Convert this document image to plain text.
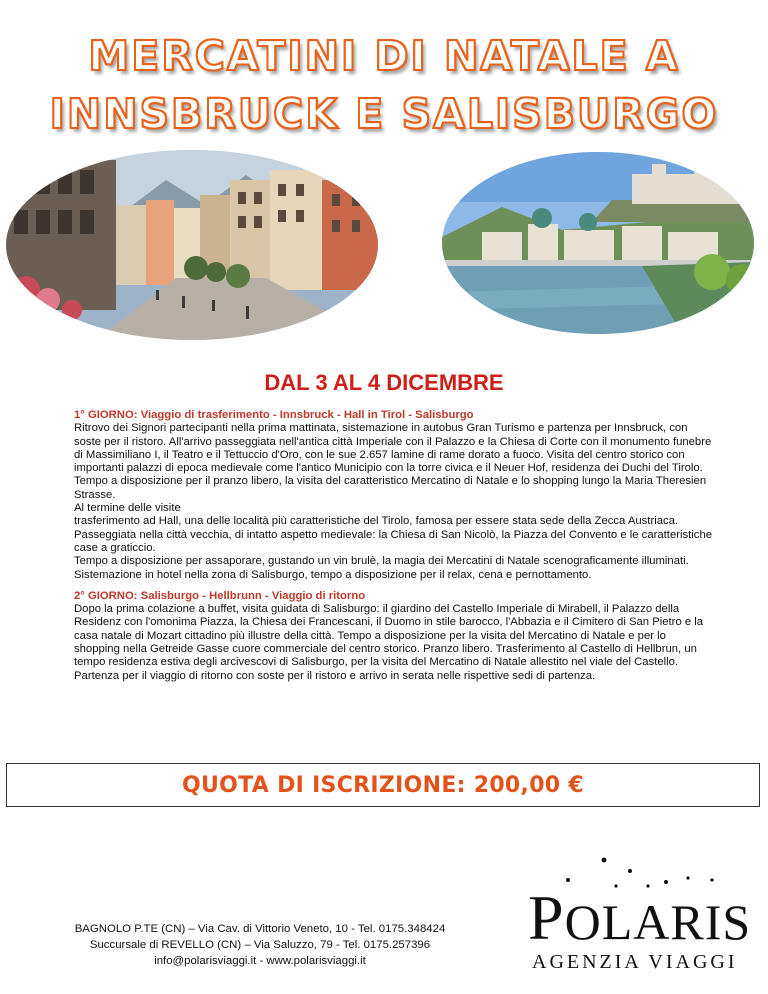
MERCATINI DI NATALE A
INNSBRUCK E SALISBURGO
DAL 3 AL 4 DICEMBRE

1° GIORNO: Viaggio di trasferimento - Innsbruck - Hall in Tirol - Salisburgo

Ritrovo dei Signori partecipanti nella prima mattinata, sistemazione in autobus Gran Turismo e partenza per Innsbruck, con soste per il ristoro. All'arrivo passeggiata nell'antica città Imperiale con il Palazzo e la Chiesa di Corte con il monumento funebre di Massimiliano I, il Teatro e il Tettuccio d'Oro, con le sue 2.657 lamine di rame dorato a fuoco. Visita del centro storico con importanti palazzi di epoca medievale come l'antico Municipio con la torre civica e il Neuer Hof, residenza dei Duchi del Tirolo. Tempo a disposizione per il pranzo libero, la visita del caratteristico Mercatino di Natale e lo shopping lungo la Maria Theresien Strasse.

Al termine delle visite

trasferimento ad Hall, una delle località più caratteristiche del Tirolo, famosa per essere stata sede della Zecca Austriaca. Passeggiata nella città vecchia, di intatto aspetto medievale: la Chiesa di San Nicolò, la Piazza del Convento e le caratteristiche case a graticcio.

Tempo a disposizione per assaporare, gustando un vin brulè, la magia dei Mercatini di Natale scenograficamente illuminati. Sistemazione in hotel nella zona di Salisburgo, tempo a disposizione per il relax, cena e pernottamento.

2° GIORNO: Salisburgo - Hellbrunn - Viaggio di ritorno

Dopo la prima colazione a buffet, visita guidata di Salisburgo: il giardino del Castello Imperiale di Mirabell, il Palazzo della Residenz con l'omonima Piazza, la Chiesa dei Francescani, il Duomo in stile barocco, l'Abbazia e il Cimitero di San Pietro e la casa natale di Mozart cittadino più illustre della città. Tempo a disposizione per la visita del Mercatino di Natale e per lo shopping nella Getreide Gasse cuore commerciale del centro storico. Pranzo libero. Trasferimento al Castello di Hellbrun, un tempo residenza estiva degli arcivescovi di Salisburgo, per la visita del Mercatino di Natale allestito nel viale del Castello. Partenza per il viaggio di ritorno con soste per il ristoro e arrivo in serata nelle rispettive sedi di partenza.

QUOTA DI ISCRIZIONE: 200,00 €
BAGNOLO P.TE (CN) – Via Cav. di Vittorio Veneto, 10 - Tel. 0175.348424
Succursale di REVELLO (CN) – Via Saluzzo, 79 - Tel. 0175.257396
info@polarisviaggi.it - www.polarisviaggi.it
POLARIS
AGENZIA VIAGGI
